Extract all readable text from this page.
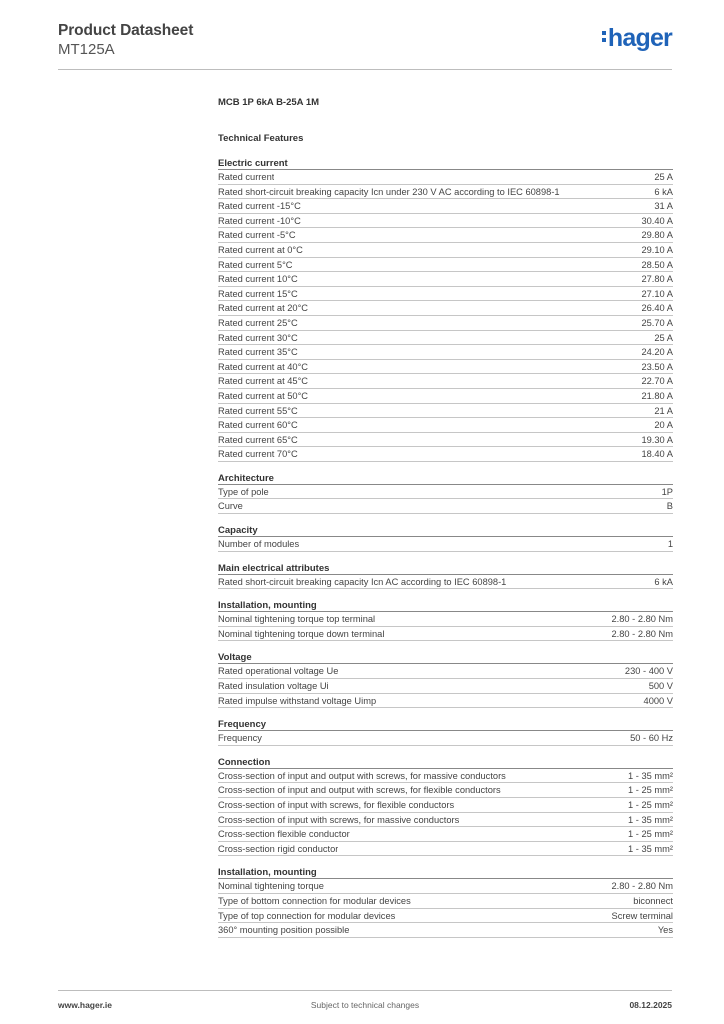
Product Datasheet
MT125A	hager
MCB 1P 6kA B-25A 1M
Technical Features
Electric current
Rated current	25 A
Rated short-circuit breaking capacity Icn under 230 V AC according to IEC 60898-1	6 kA
Rated current -15°C	31 A
Rated current -10°C	30.40 A
Rated current -5°C	29.80 A
Rated current at 0°C	29.10 A
Rated current 5°C	28.50 A
Rated current 10°C	27.80 A
Rated current 15°C	27.10 A
Rated current at 20°C	26.40 A
Rated current 25°C	25.70 A
Rated current 30°C	25 A
Rated current 35°C	24.20 A
Rated current at 40°C	23.50 A
Rated current at 45°C	22.70 A
Rated current at 50°C	21.80 A
Rated current 55°C	21 A
Rated current 60°C	20 A
Rated current 65°C	19.30 A
Rated current 70°C	18.40 A
Architecture
Type of pole	1P
Curve	B
Capacity
Number of modules	1
Main electrical attributes
Rated short-circuit breaking capacity Icn AC according to IEC 60898-1	6 kA
Installation, mounting
Nominal tightening torque top terminal	2.80 - 2.80 Nm
Nominal tightening torque down terminal	2.80 - 2.80 Nm
Voltage
Rated operational voltage Ue	230 - 400 V
Rated insulation voltage Ui	500 V
Rated impulse withstand voltage Uimp	4000 V
Frequency
Frequency	50 - 60 Hz
Connection
Cross-section of input and output with screws, for massive conductors	1 - 35 mm²
Cross-section of input and output with screws, for flexible conductors	1 - 25 mm²
Cross-section of input with screws, for flexible conductors	1 - 25 mm²
Cross-section of input with screws, for massive conductors	1 - 35 mm²
Cross-section flexible conductor	1 - 25 mm²
Cross-section rigid conductor	1 - 35 mm²
Installation, mounting
Nominal tightening torque	2.80 - 2.80 Nm
Type of bottom connection for modular devices	biconnect
Type of top connection for modular devices	Screw terminal
360° mounting position possible	Yes
www.hager.ie	Subject to technical changes	08.12.2025
